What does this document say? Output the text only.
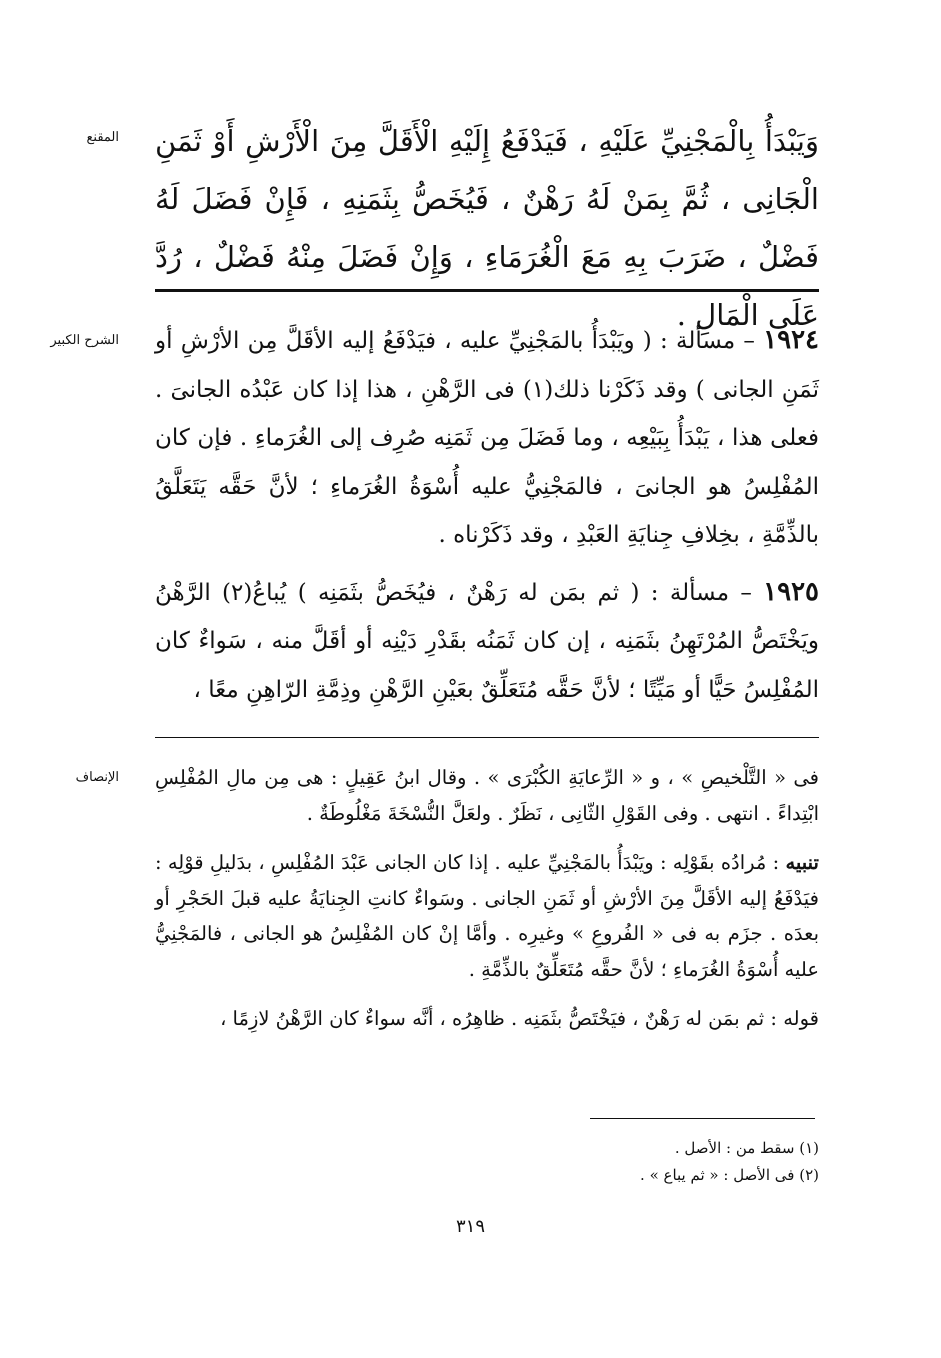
المقنع وَيَبْدَأُ بِالْمَجْنِيِّ عَلَيْهِ ، فَيَدْفَعُ إِلَيْهِ الْأَقَلَّ مِنَ الْأَرْشِ أَوْ ثَمَنِ الْجَانِى ، ثُمَّ بِمَنْ لَهُ رَهْنٌ ، فَيُخَصُّ بِثَمَنِهِ ، فَإِنْ فَضَلَ لَهُ فَضْلٌ ، ضَرَبَ بِهِ مَعَ الْغُرَمَاءِ ، وَإِنْ فَضَلَ مِنْهُ فَضْلٌ ، رُدَّ عَلَى الْمَالِ .

الشرح الكبير	١٩٢٤ – مسألة : ( ويَبْدَأُ بالمَجْنِيِّ عليه ، فيَدْفَعُ إليه الأقَلَّ مِن الأرْشِ أو ثَمَنِ الجانى ) وقد ذَكَرْنا ذلك(١) فى الرَّهْنِ ، هذا إذا كان عَبْدُه الجانىَ . فعلى هذا ، يَبْدَأُ بِبَيْعِه ، وما فَضَلَ مِن ثَمَنِه صُرِف إلى الغُرَماءِ . فإن كان المُفْلِسُ هو الجانىَ ، فالمَجْنِيُّ عليه أُسْوَةُ الغُرَماءِ ؛ لأنَّ حَقَّه يَتَعَلَّقُ بالذِّمَّةِ ، بخِلافِ جِنايَةِ العَبْدِ ، وقد ذَكَرْناه .

١٩٢٥ – مسألة : ( ثم بمَن له رَهْنٌ ، فيُخَصُّ بثَمَنِه ) يُباعُ(٢) الرَّهْنُ ويَخْتَصُّ المُرْتَهِنُ بثَمَنِه ، إن كان ثَمَنُه بقَدْرِ دَيْنِه أو أقَلَّ منه ، سَواءٌ كان المُفْلِسُ حَيًّا أو مَيِّتًا ؛ لأنَّ حَقَّه مُتَعَلِّقٌ بعَيْنِ الرَّهْنِ وذِمَّةِ الرّاهِنِ معًا ،

الإنصاف فى « التَّلْخيصِ » ، و « الرِّعايَةِ الكُبْرَى » . وقال ابنُ عَقِيلٍ : هى مِن مالِ المُفْلِسِ ابْتِداءً . انتهى . وفى القَوْلِ الثّانِى ، نَظَرٌ . ولعَلَّ النُّسْخَةَ مَغْلُوطَةٌ .

تنبيه : مُرادُه بقَوْلِه : ويَبْدَأُ بالمَجْنِيِّ عليه . إذا كان الجانى عَبْدَ المُفْلِسِ ، بدَليلِ قوْلِه : فيَدْفَعُ إليه الأقَلَّ مِنَ الأرْشِ أو ثَمَنِ الجانى . وسَواءٌ كانتِ الجِنايَةُ عليه قبلَ الحَجْرِ أو بعدَه . جزَم به فى « الفُروعِ » وغيرِه . وأمَّا إنْ كان المُفْلِسُ هو الجانى ، فالمَجْنِيُّ عليه أُسْوَةُ الغُرَماءِ ؛ لأنَّ حقَّه مُتَعَلِّقٌ بالذِّمَّةِ .

قوله : ثم بمَن له رَهْنٌ ، فيَخْتَصُّ بثَمَنِه . ظاهِرُه ، أنَّه سواءٌ كان الرَّهْنُ لازِمًا ،

(١) سقط من : الأصل .

(٢) فى الأصل : « ثم يباع » .

٣١٩
